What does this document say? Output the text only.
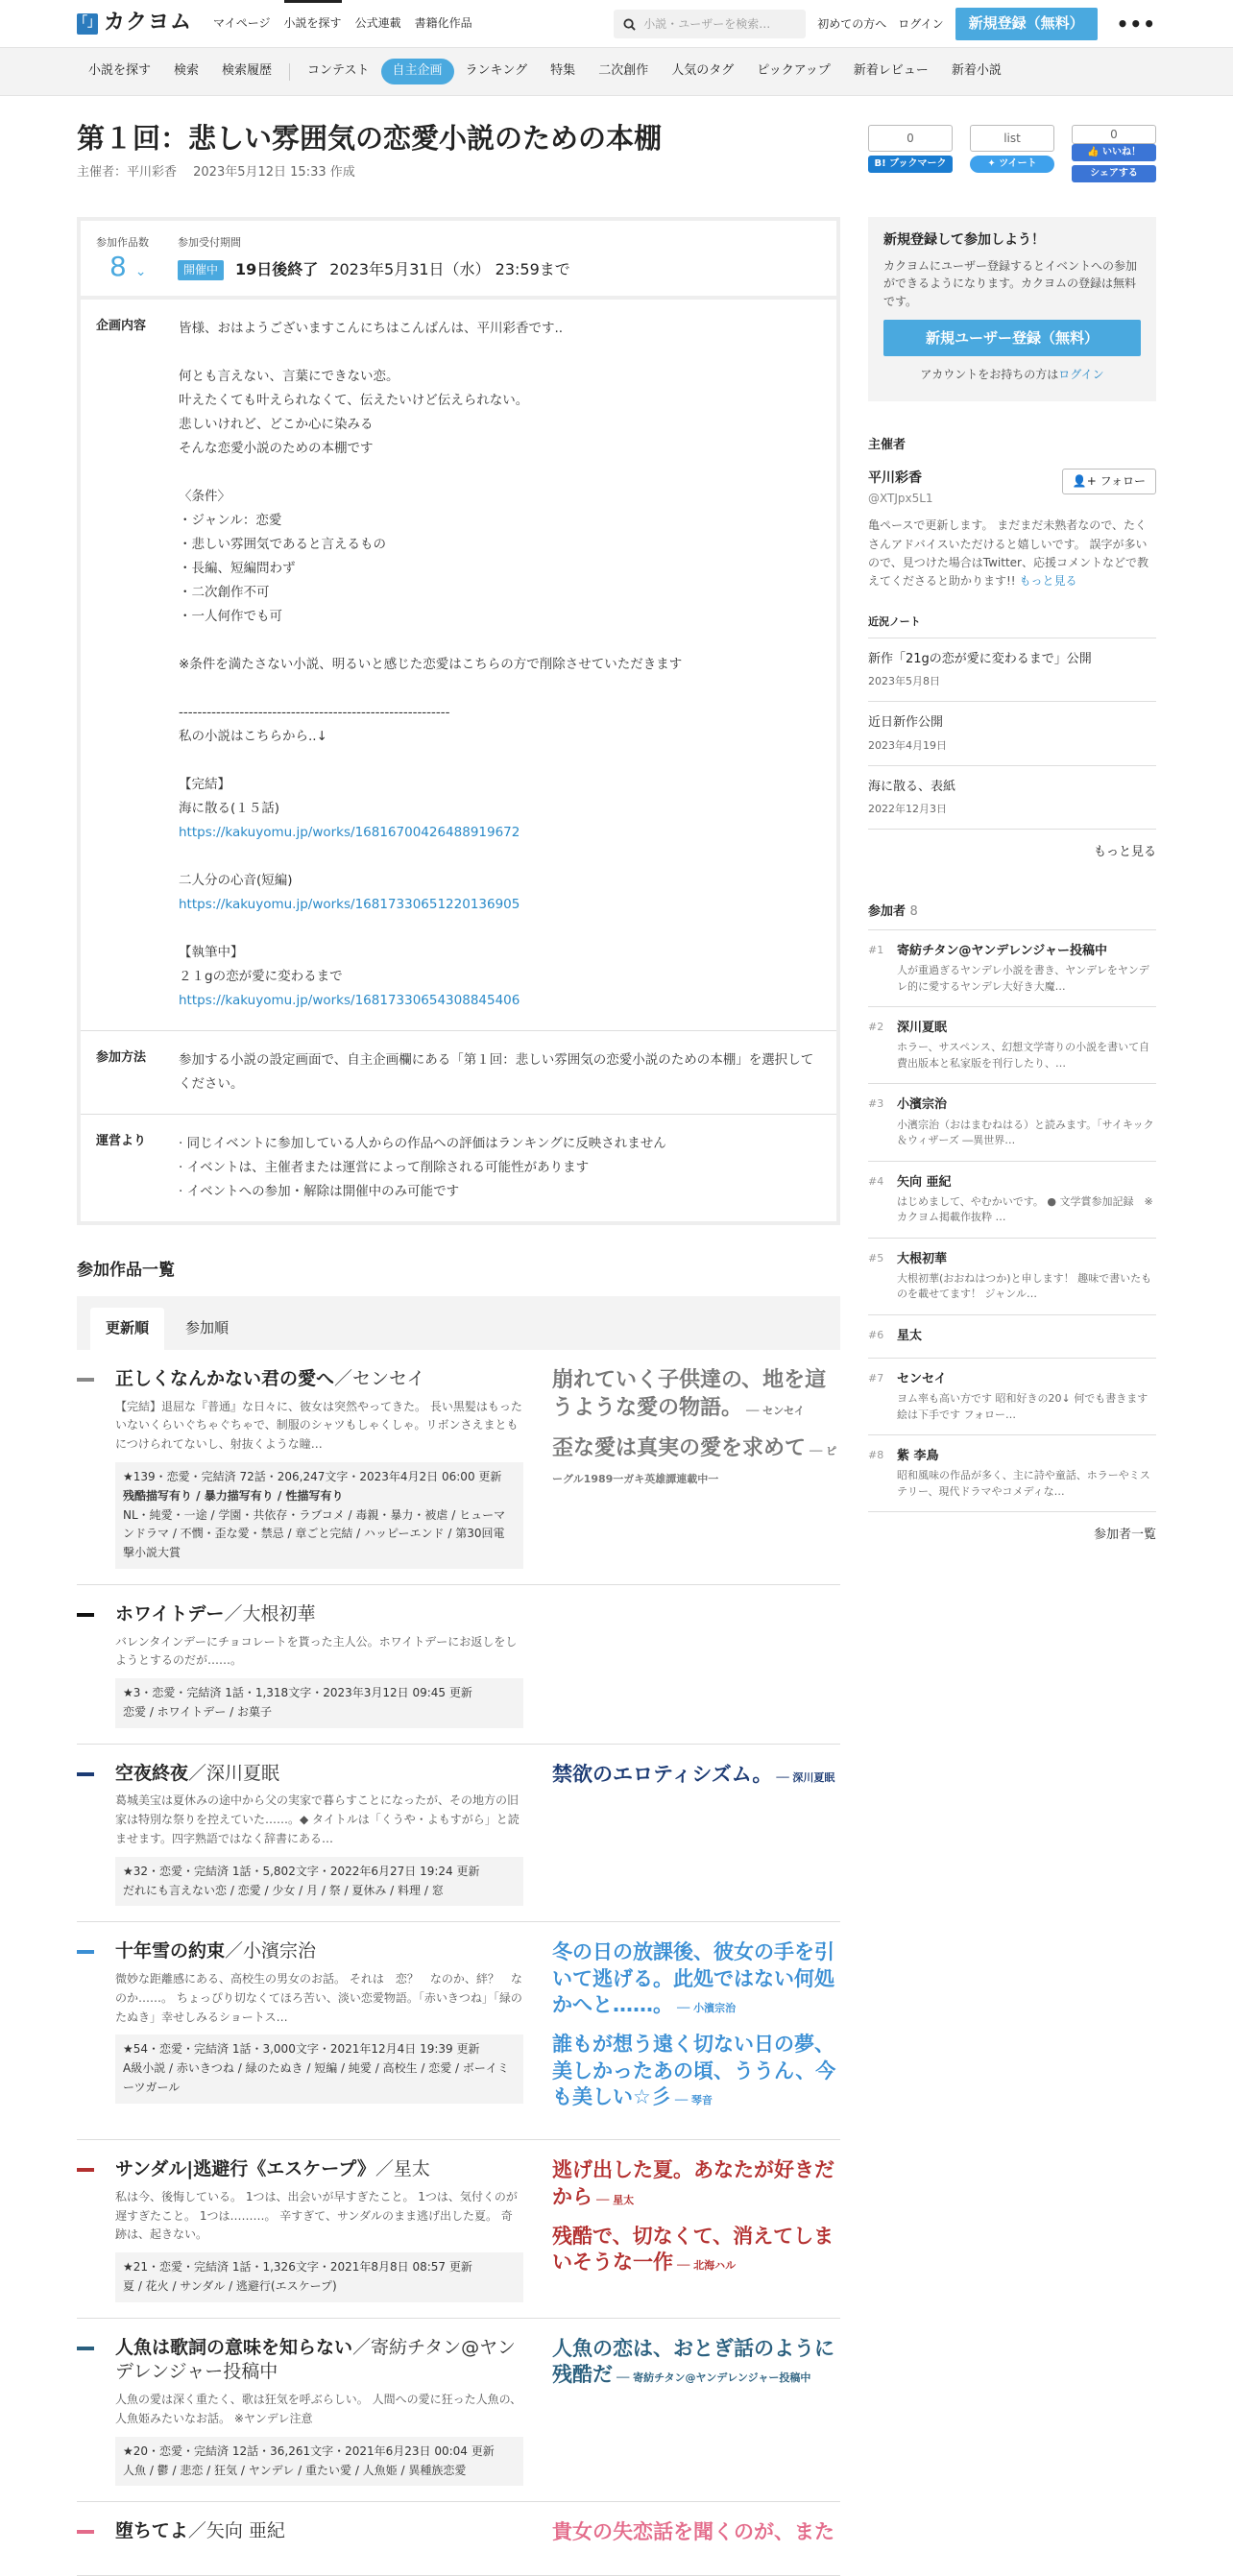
「」 カクヨム マイページ 小説を探す 公式連載 書籍化作品	小説・ユーザーを検索…	初めての方へ ログイン	新規登録（無料）	•••
小説を探す	検索	検索履歴	コンテスト	自主企画	ランキング	特集	二次創作	人気のタグ	ピックアップ	新着レビュー	新着小説
第１回：悲しい雰囲気の恋愛小説のための本棚
主催者：平川彩香　 2023年5月12日 15:33 作成
参加作品数
8 ⌄
参加受付期間
開催中	19日後終了 2023年5月31日（水） 23:59まで
企画内容	皆様、おはようございますこんにちはこんばんは、平川彩香です..

何とも言えない、言葉にできない恋。

叶えたくても叶えられなくて、伝えたいけど伝えられない。

悲しいけれど、どこか心に染みる

そんな恋愛小説のための本棚です

〈条件〉

・ジャンル：恋愛

・悲しい雰囲気であると言えるもの

・長編、短編問わず

・二次創作不可

・一人何作でも可

※条件を満たさない小説、明るいと感じた恋愛はこちらの方で削除させていただきます

----------------------------------------------------------

私の小説はこちらから..↓

【完結】

海に散る(１５話)

https://kakuyomu.jp/works/16816700426488919672

二人分の心音(短編)

https://kakuyomu.jp/works/16817330651220136905

【執筆中】

２１gの恋が愛に変わるまで

https://kakuyomu.jp/works/16817330654308845406

参加方法	参加する小説の設定画面で、自主企画欄にある「第１回：悲しい雰囲気の恋愛小説のための本棚」を選択してください。
運営より	· 同じイベントに参加している人からの作品への評価はランキングに反映されません
· イベントは、主催者または運営によって削除される可能性があります
· イベントへの参加・解除は開催中のみ可能です
参加作品一覧
更新順	参加順
正しくなんかない君の愛へ／センセイ
【完結】退屈な『普通』な日々に、彼女は突然やってきた。 長い黒髪はもったいないくらいぐちゃぐちゃで、制服のシャツもしゃくしゃ。リボンさえまともにつけられてないし、射抜くような瞳…
★139・恋愛・完結済 72話・206,247文字・2023年4月2日 06:00 更新
残酷描写有り / 暴力描写有り / 性描写有り
NL・純愛・一途 / 学園・共依存・ラブコメ / 毒親・暴力・被虐 / ヒューマンドラマ / 不憫・歪な愛・禁忌 / 章ごと完結 / ハッピーエンド / 第30回電撃小説大賞
崩れていく子供達の、地を這うような愛の物語。 ── センセイ
歪な愛は真実の愛を求めて ── ピーグル1989一ガキ英雄譚連載中一
ホワイトデー／大根初華
バレンタインデーにチョコレートを貰った主人公。ホワイトデーにお返しをしようとするのだが……。
★3・恋愛・完結済 1話・1,318文字・2023年3月12日 09:45 更新
恋愛 / ホワイトデー / お菓子
空夜終夜／深川夏眠
葛城美宝は夏休みの途中から父の実家で暮らすことになったが、その地方の旧家は特別な祭りを控えていた……。◆ タイトルは「くうや・よもすがら」と読ませます。四字熟語ではなく辞書にある…
★32・恋愛・完結済 1話・5,802文字・2022年6月27日 19:24 更新
だれにも言えない恋 / 恋愛 / 少女 / 月 / 祭 / 夏休み / 料理 / 窓
禁欲のエロティシズム。 ── 深川夏眠
十年雪の約束／小濱宗治
微妙な距離感にある、高校生の男女のお話。 それは　恋？　なのか、絆？　なのか……。 ちょっぴり切なくてほろ苦い、淡い恋愛物語。「赤いきつね」「緑のたぬき」幸せしみるショートス…
★54・恋愛・完結済 1話・3,000文字・2021年12月4日 19:39 更新
A級小説 / 赤いきつね / 緑のたぬき / 短編 / 純愛 / 高校生 / 恋愛 / ボーイミーツガール
冬の日の放課後、彼女の手を引いて逃げる。此処ではない何処かへと……。 ── 小濱宗治
誰もが想う遠く切ない日の夢、美しかったあの頃、ううん、今も美しい☆彡 ── 琴音
サンダル|逃避行《エスケープ》／星太
私は今、後悔している。 1つは、出会いが早すぎたこと。 1つは、気付くのが遅すぎたこと。 1つは………。 辛すぎて、サンダルのまま逃げ出した夏。 奇跡は、起きない。
★21・恋愛・完結済 1話・1,326文字・2021年8月8日 08:57 更新
夏 / 花火 / サンダル / 逃避行(エスケープ)
逃げ出した夏。あなたが好きだから ── 星太
残酷で、切なくて、消えてしまいそうな一作 ── 北海ハル
人魚は歌詞の意味を知らない／寄紡チタン@ヤンデレンジャー投稿中
人魚の愛は深く重たく、歌は狂気を呼ぶらしい。 人間への愛に狂った人魚の、人魚姫みたいなお話。 ※ヤンデレ注意
★20・恋愛・完結済 12話・36,261文字・2021年6月23日 00:04 更新
人魚 / 鬱 / 悲恋 / 狂気 / ヤンデレ / 重たい愛 / 人魚姫 / 異種族恋愛
人魚の恋は、おとぎ話のように残酷だ ── 寄紡チタン@ヤンデレンジャー投稿中
堕ちてよ／矢向 亜紀	貴女の失恋話を聞くのが、また
0
B! ブックマーク
list
✦ ツイート
0
👍 いいね！
シェアする
新規登録して参加しよう！

カクヨムにユーザー登録するとイベントへの参加ができるようになります。カクヨムの登録は無料です。

新規ユーザー登録（無料）
アカウントをお持ちの方はログイン
主催者
平川彩香
@XTJpx5L1
👤+ フォロー
亀ペースで更新します。 まだまだ未熟者なので、たくさんアドバイスいただけると嬉しいです。 誤字が多いので、見つけた場合はTwitter、応援コメントなどで教えてくださると助かります!! もっと見る
近況ノート
新作「21gの恋が愛に変わるまで」公開
2023年5月8日
近日新作公開
2023年4月19日
海に散る、表紙
2022年12月3日
もっと見る
参加者 8
#1	寄紡チタン@ヤンデレンジャー投稿中
人が重過ぎるヤンデレ小説を書き、ヤンデレをヤンデレ的に愛するヤンデレ大好き大魔…
#2	深川夏眠
ホラー、サスペンス、幻想文学寄りの小説を書いて自費出版本と私家版を刊行したり、…
#3	小濱宗治
小濱宗治（おはまむねはる）と読みます。「サイキック＆ウィザーズ ―異世界…
#4	矢向 亜紀
はじめまして、やむかいです。 ● 文学賞参加記録　※カクヨム掲載作抜粋 …
#5	大根初華
大根初華(おおねはつか)と申します！ 趣味で書いたものを載せてます！ ジャンル…
#6	星太
#7	センセイ
ヨム率も高い方です 昭和好きの20↓ 何でも書きます 絵は下手です フォロー…
#8	紫 李鳥
昭和風味の作品が多く、主に詩や童話、ホラーやミステリー、現代ドラマやコメディな…
参加者一覧
